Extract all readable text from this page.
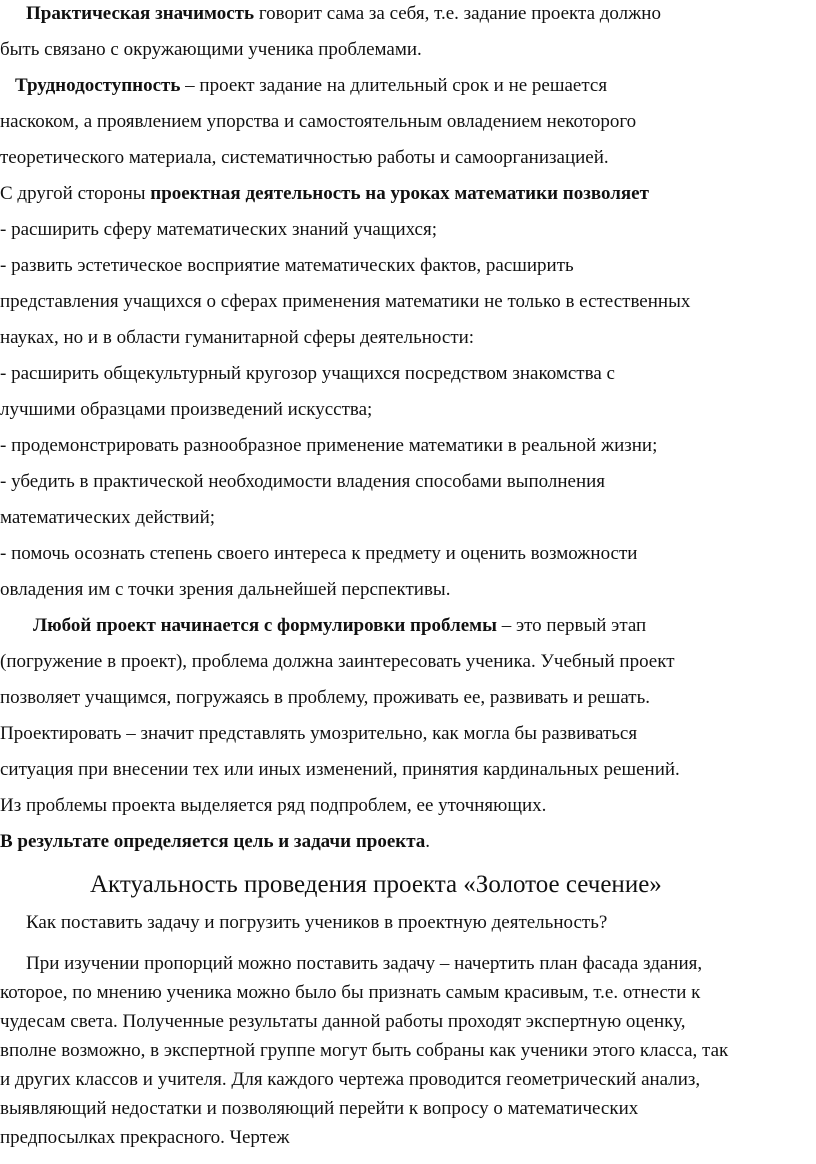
Практическая значимость говорит сама за себя, т.е. задание проекта должно
быть связано с окружающими ученика проблемами.
Труднодоступность – проект задание на длительный срок и не решается
наскоком, а проявлением упорства и самостоятельным овладением некоторого
теоретического материала, систематичностью работы и самоорганизацией.
С другой стороны проектная деятельность на уроках математики позволяет
- расширить сферу математических знаний учащихся;
- развить эстетическое восприятие математических фактов, расширить
представления учащихся о сферах применения математики не только в естественных
науках, но и в области гуманитарной сферы деятельности:
- расширить общекультурный кругозор учащихся посредством знакомства с
лучшими образцами произведений искусства;
- продемонстрировать разнообразное применение математики в реальной жизни;
- убедить в практической необходимости владения способами выполнения
математических действий;
- помочь осознать степень своего интереса к предмету и оценить возможности
овладения им с точки зрения дальнейшей перспективы.
Любой проект начинается с формулировки проблемы – это первый этап
(погружение в проект), проблема должна заинтересовать ученика. Учебный проект
позволяет учащимся, погружаясь в проблему, проживать ее, развивать и решать.
Проектировать – значит представлять умозрительно, как могла бы развиваться
ситуация при внесении тех или иных изменений, принятия кардинальных решений.
Из проблемы проекта выделяется ряд подпроблем, ее уточняющих.
В результате определяется цель и задачи проекта.
Актуальность проведения проекта «Золотое сечение»
Как поставить задачу и погрузить учеников в проектную деятельность?
При изучении пропорций можно поставить задачу – начертить план фасада здания,
которое, по мнению ученика можно было бы признать самым красивым, т.е. отнести к
чудесам света. Полученные результаты данной работы проходят экспертную оценку,
вполне возможно, в экспертной группе могут быть собраны как ученики этого класса, так
и других классов и учителя. Для каждого чертежа проводится геометрический анализ,
выявляющий недостатки и позволяющий перейти к вопросу о математических
предпосылках прекрасного. Чертеж
